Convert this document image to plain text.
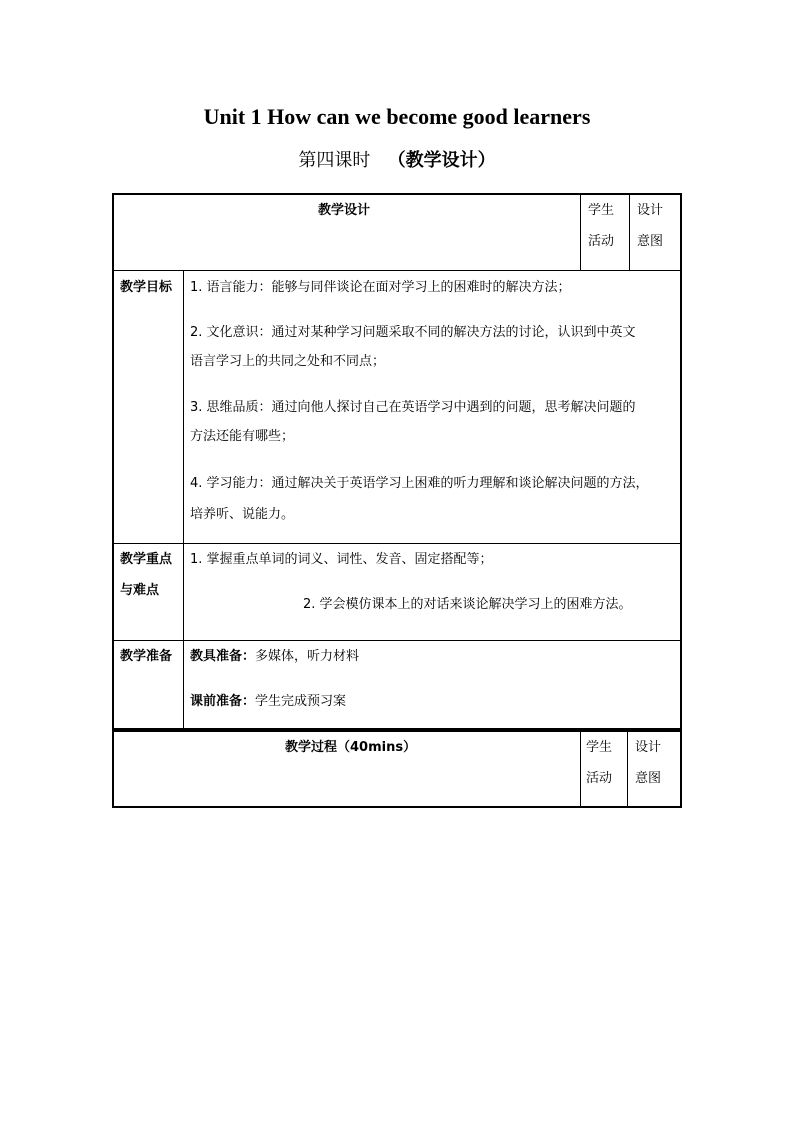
Unit 1 How can we become good learners
第四课时 （教学设计）
教学设计	学生
活动
设计
意图
教学目标 1. 语言能力：能够与同伴谈论在面对学习上的困难时的解决方法；
2. 文化意识：通过对某种学习问题采取不同的解决方法的讨论，认识到中英文
语言学习上的共同之处和不同点；
3. 思维品质：通过向他人探讨自己在英语学习中遇到的问题，思考解决问题的
方法还能有哪些；
4. 学习能力：通过解决关于英语学习上困难的听力理解和谈论解决问题的方法，
培养听、说能力。
教学重点
与难点
1. 掌握重点单词的词义、词性、发音、固定搭配等；
2. 学会模仿课本上的对话来谈论解决学习上的困难方法。
教学准备 教具准备：多媒体，听力材料
课前准备：学生完成预习案
教学过程（40mins）	学生
活动
设计
意图
